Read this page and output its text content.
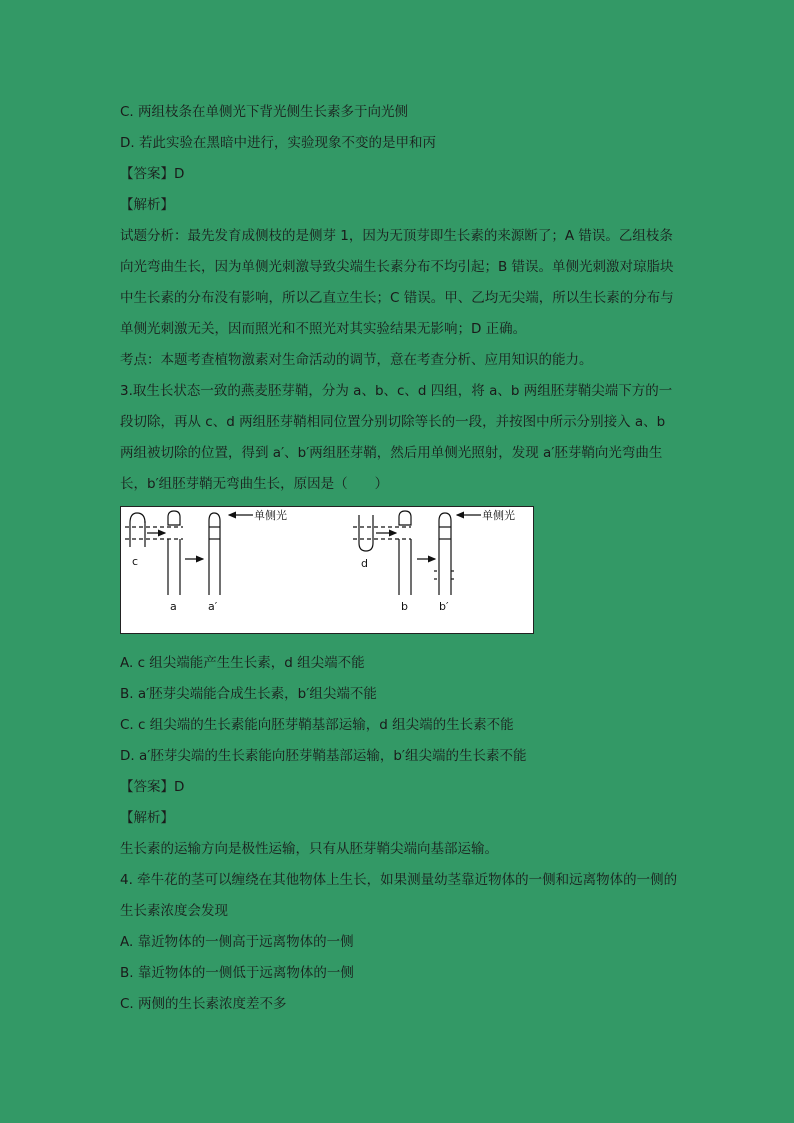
C. 两组枝条在单侧光下背光侧生长素多于向光侧
D. 若此实验在黑暗中进行，实验现象不变的是甲和丙
【答案】D
【解析】
试题分析：最先发育成侧枝的是侧芽 1，因为无顶芽即生长素的来源断了；A 错误。乙组枝条向光弯曲生长，因为单侧光刺激导致尖端生长素分布不均引起；B 错误。单侧光刺激对琼脂块中生长素的分布没有影响，所以乙直立生长；C 错误。甲、乙均无尖端，所以生长素的分布与单侧光刺激无关，因而照光和不照光对其实验结果无影响；D 正确。
考点：本题考查植物激素对生命活动的调节，意在考查分析、应用知识的能力。
3.取生长状态一致的燕麦胚芽鞘，分为 a、b、c、d 四组，将 a、b 两组胚芽鞘尖端下方的一段切除，再从 c、d 两组胚芽鞘相同位置分别切除等长的一段，并按图中所示分别接入 a、b 两组被切除的位置，得到 a′、b′两组胚芽鞘，然后用单侧光照射，发现 a′胚芽鞘向光弯曲生长，b′组胚芽鞘无弯曲生长，原因是（　　）
单侧光	单侧光
c
a	a′
d
b	b′
A. c 组尖端能产生生长素，d 组尖端不能
B. a′胚芽尖端能合成生长素，b′组尖端不能
C. c 组尖端的生长素能向胚芽鞘基部运输，d 组尖端的生长素不能
D. a′胚芽尖端的生长素能向胚芽鞘基部运输，b′组尖端的生长素不能
【答案】D
【解析】
生长素的运输方向是极性运输，只有从胚芽鞘尖端向基部运输。
4. 牵牛花的茎可以缠绕在其他物体上生长，如果测量幼茎靠近物体的一侧和远离物体的一侧的生长素浓度会发现
A. 靠近物体的一侧高于远离物体的一侧
B. 靠近物体的一侧低于远离物体的一侧
C. 两侧的生长素浓度差不多
